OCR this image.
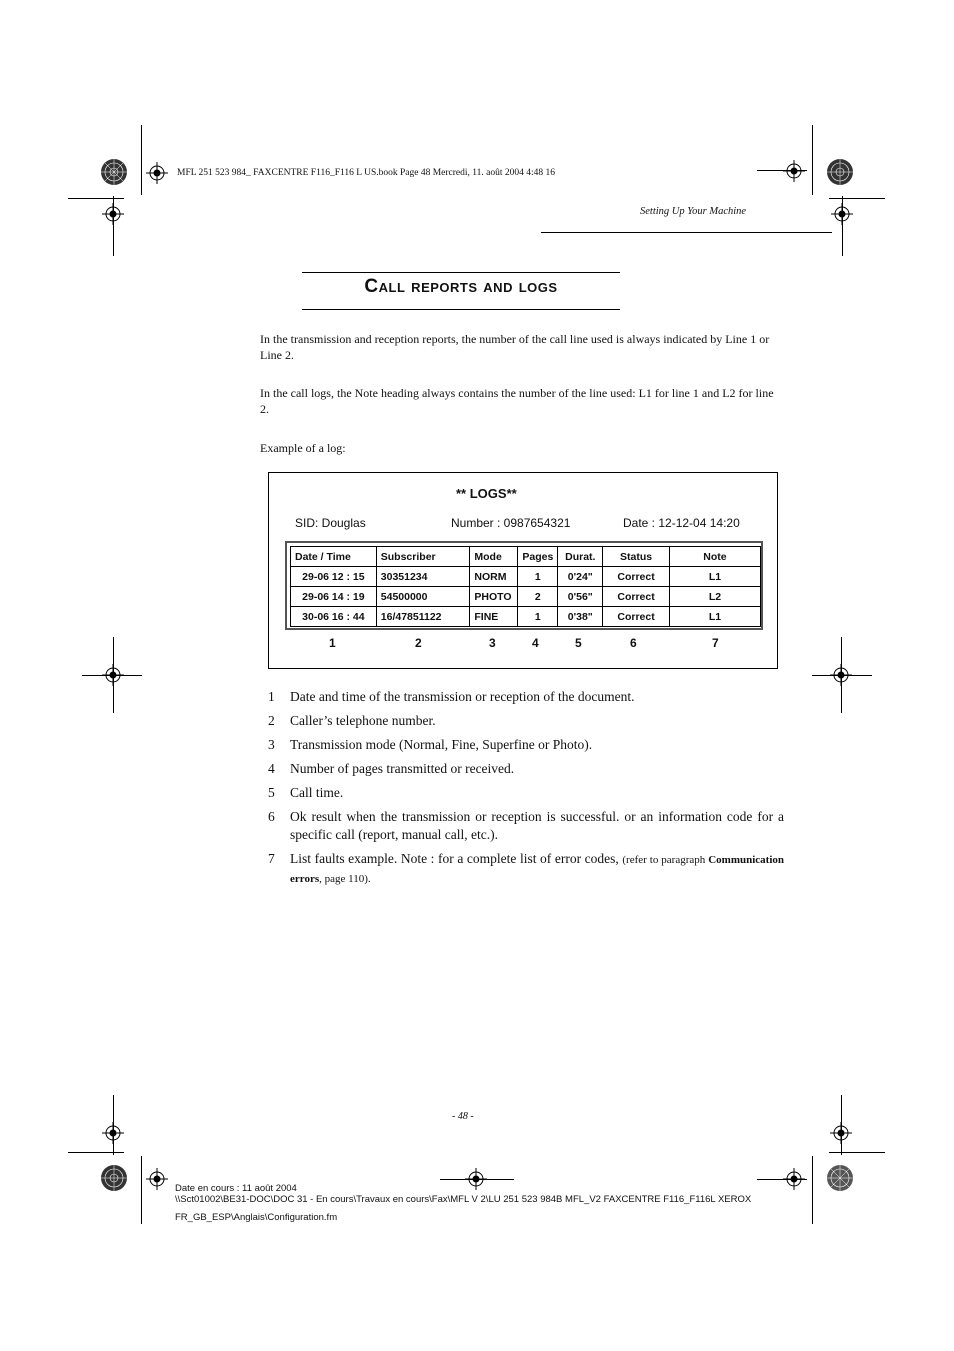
MFL 251 523 984_ FAXCENTRE F116_F116 L US.book Page 48 Mercredi, 11. août 2004 4:48 16
Setting Up Your Machine
Call reports and logs
In the transmission and reception reports, the number of the call line used is always indicated by Line 1 or Line 2.
In the call logs, the Note heading always contains the number of the line used: L1 for line 1 and L2 for line 2.
Example of a log:
** LOGS**
SID: Douglas	Number : 0987654321	Date : 12-12-04 14:20
Date / Time	Subscriber	Mode	Pages	Durat.	Status	Note
29-06 12 : 15	30351234	NORM	1	0'24"	Correct	L1
29-06 14 : 19	54500000	PHOTO	2	0'56"	Correct	L2
30-06 16 : 44	16/47851122	FINE	1	0'38"	Correct	L1
1	2	3	4	5	6	7
1 Date and time of the transmission or reception of the document.
2 Caller’s telephone number.
3 Transmission mode (Normal, Fine, Superfine or Photo).
4 Number of pages transmitted or received.
5 Call time.
6 Ok result when the transmission or reception is successful. or an information code for a specific call (report, manual call, etc.).
7 List faults example. Note : for a complete list of error codes, (refer to paragraph Communication errors, page 110).
- 48 -
Date en cours : 11 août 2004
\\Sct01002\BE31-DOC\DOC 31 - En cours\Travaux en cours\Fax\MFL V 2\LU 251 523 984B MFL_V2 FAXCENTRE F116_F116L XEROX
FR_GB_ESP\Anglais\Configuration.fm
